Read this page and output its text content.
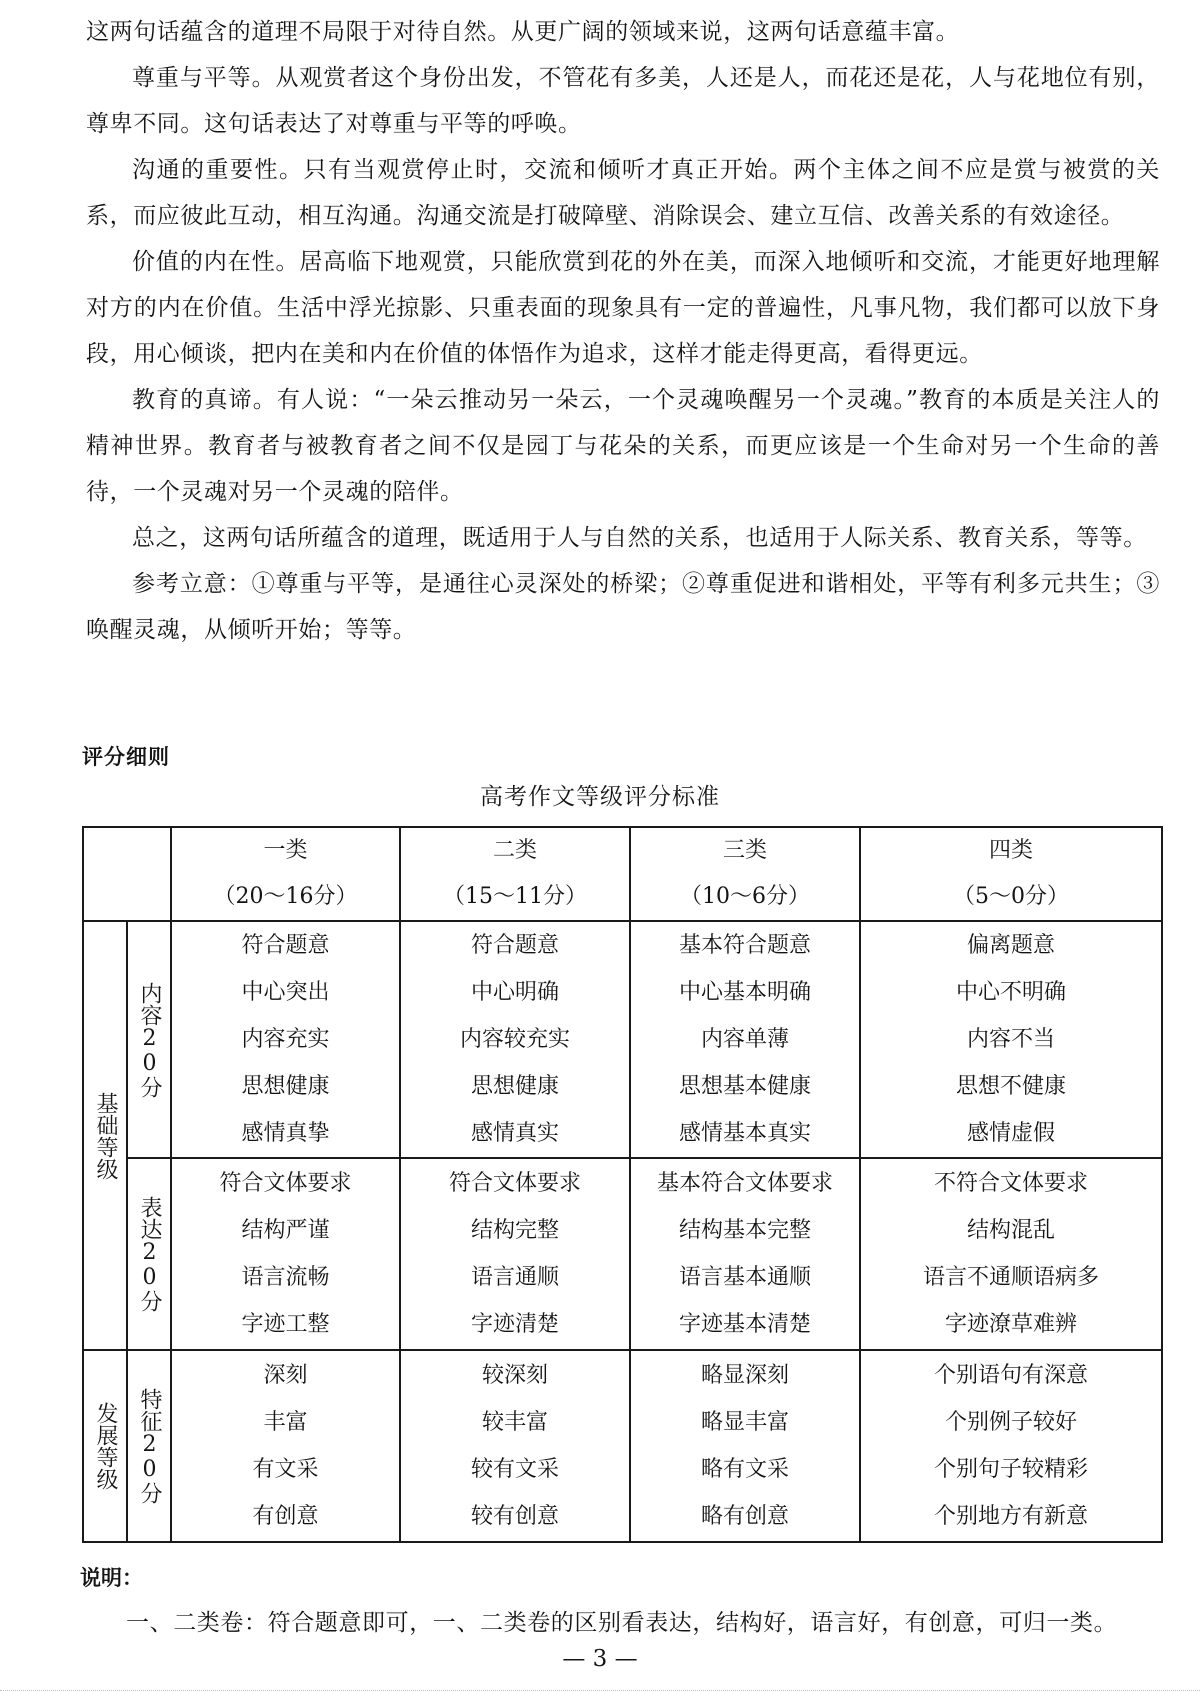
这两句话蕴含的道理不局限于对待自然。从更广阔的领域来说，这两句话意蕴丰富。

尊重与平等。从观赏者这个身份出发，不管花有多美，人还是人，而花还是花，人与花地位有别，尊卑不同。这句话表达了对尊重与平等的呼唤。

沟通的重要性。只有当观赏停止时，交流和倾听才真正开始。两个主体之间不应是赏与被赏的关系，而应彼此互动，相互沟通。沟通交流是打破障壁、消除误会、建立互信、改善关系的有效途径。

价值的内在性。居高临下地观赏，只能欣赏到花的外在美，而深入地倾听和交流，才能更好地理解对方的内在价值。生活中浮光掠影、只重表面的现象具有一定的普遍性，凡事凡物，我们都可以放下身段，用心倾谈，把内在美和内在价值的体悟作为追求，这样才能走得更高，看得更远。

教育的真谛。有人说：“一朵云推动另一朵云，一个灵魂唤醒另一个灵魂。”教育的本质是关注人的精神世界。教育者与被教育者之间不仅是园丁与花朵的关系，而更应该是一个生命对另一个生命的善待，一个灵魂对另一个灵魂的陪伴。

总之，这两句话所蕴含的道理，既适用于人与自然的关系，也适用于人际关系、教育关系，等等。

参考立意：①尊重与平等，是通往心灵深处的桥梁；②尊重促进和谐相处，平等有利多元共生；③唤醒灵魂，从倾听开始；等等。

评分细则

高考作文等级评分标准

		一类
（20～16分）	二类
（15～11分）	三类
（10～6分）	四类
（5～0分）

基础等级	内容20分	符合题意
中心突出
内容充实
思想健康
感情真挚	符合题意
中心明确
内容较充实
思想健康
感情真实	基本符合题意
中心基本明确
内容单薄
思想基本健康
感情基本真实	偏离题意
中心不明确
内容不当
思想不健康
感情虚假

	表达20分	符合文体要求
结构严谨
语言流畅
字迹工整	符合文体要求
结构完整
语言通顺
字迹清楚	基本符合文体要求
结构基本完整
语言基本通顺
字迹基本清楚	不符合文体要求
结构混乱
语言不通顺语病多
字迹潦草难辨

发展等级	特征20分	深刻
丰富
有文采
有创意	较深刻
较丰富
较有文采
较有创意	略显深刻
略显丰富
略有文采
略有创意	个别语句有深意
个别例子较好
个别句子较精彩
个别地方有新意

说明：

一、二类卷：符合题意即可，一、二类卷的区别看表达，结构好，语言好，有创意，可归一类。

— 3 —
